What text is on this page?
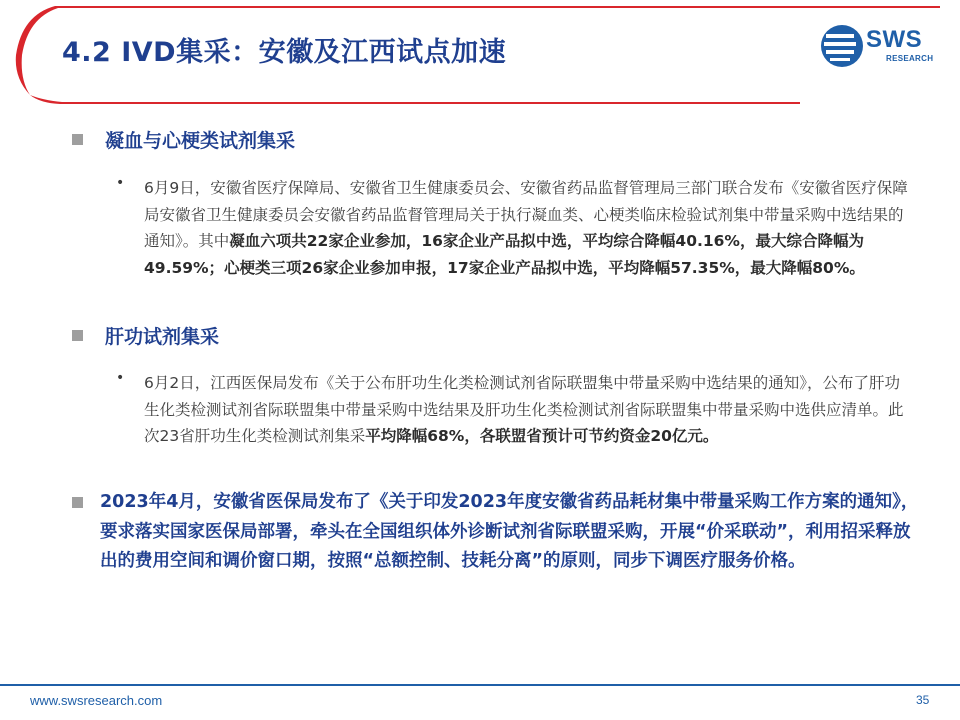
4.2 IVD集采：安徽及江西试点加速	SWS
RESEARCH
凝血与心梗类试剂集采
• 6月9日，安徽省医疗保障局、安徽省卫生健康委员会、安徽省药品监督管理局三部门联合发布《安徽省医疗保障局安徽省卫生健康委员会安徽省药品监督管理局关于执行凝血类、心梗类临床检验试剂集中带量采购中选结果的通知》。其中凝血六项共22家企业参加，16家企业产品拟中选，平均综合降幅40.16%，最大综合降幅为49.59%；心梗类三项26家企业参加申报，17家企业产品拟中选，平均降幅57.35%，最大降幅80%。
肝功试剂集采
• 6月2日，江西医保局发布《关于公布肝功生化类检测试剂省际联盟集中带量采购中选结果的通知》，公布了肝功生化类检测试剂省际联盟集中带量采购中选结果及肝功生化类检测试剂省际联盟集中带量采购中选供应清单。此次23省肝功生化类检测试剂集采平均降幅68%，各联盟省预计可节约资金20亿元。
2023年4月，安徽省医保局发布了《关于印发2023年度安徽省药品耗材集中带量采购工作方案的通知》，要求落实国家医保局部署，牵头在全国组织体外诊断试剂省际联盟采购，开展“价采联动”，利用招采释放出的费用空间和调价窗口期，按照“总额控制、技耗分离”的原则，同步下调医疗服务价格。
www.swsresearch.com	35
